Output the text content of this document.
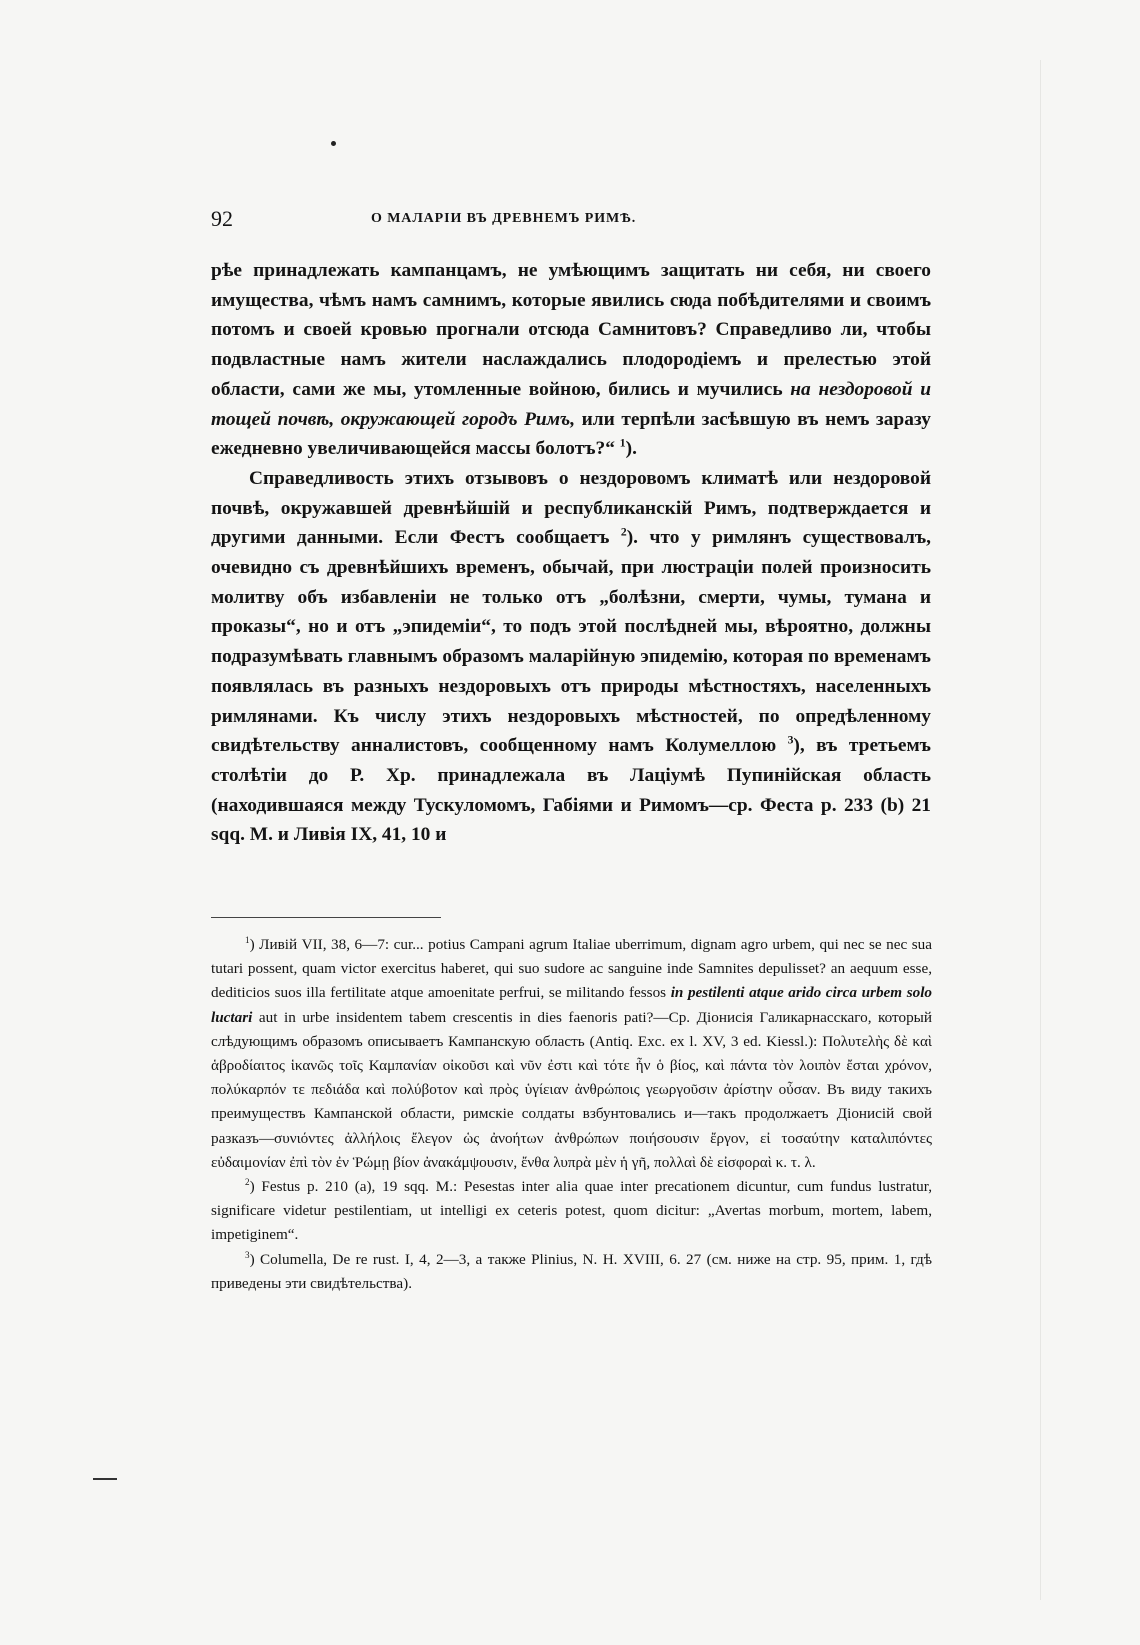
92	О МАЛАРІИ ВЪ ДРЕВНЕМЪ РИМѢ.

рѣе принадлежать кампанцамъ, не умѣющимъ защитать ни себя, ни своего имущества, чѣмъ намъ самнимъ, которые явились сюда побѣдителями и своимъ потомъ и своей кровью прогнали отсюда Самнитовъ? Справедливо ли, чтобы подвластные намъ жители наслаждались плодородіемъ и прелестью этой области, сами же мы, утомленные войною, бились и мучились на нездоровой и тощей почвѣ, окружающей городъ Римъ, или терпѣли засѣвшую въ немъ заразу ежедневно увеличивающейся массы болотъ?“ $^1$).

Справедливость этихъ отзывовъ о нездоровомъ климатѣ или нездоровой почвѣ, окружавшей древнѣйшій и республиканскій Римъ, подтверждается и другими данными. Если Фестъ сообщаетъ $^2$). что у римлянъ существовалъ, очевидно съ древнѣйшихъ временъ, обычай, при люстраціи полей произносить молитву объ избавленіи не только отъ „болѣзни, смерти, чумы, тумана и проказы“, но и отъ „эпидеміи“, то подъ этой послѣдней мы, вѣроятно, должны подразумѣвать главнымъ образомъ маларійную эпидемію, которая по временамъ появлялась въ разныхъ нездоровыхъ отъ природы мѣстностяхъ, населенныхъ римлянами. Къ числу этихъ нездоровыхъ мѣстностей, по опредѣленному свидѣтельству анналистовъ, сообщенному намъ Колумеллою $^3$), въ третьемъ столѣтіи до Р. Хр. принадлежала въ Лаціумѣ Пупинійская область (находившаяся между Тускуломомъ, Габіями и Римомъ—ср. Феста p. 233 (b) 21 sqq. M. и Ливія IX, 41, 10 и

$^1$) Ливій VII, 38, 6—7: cur... potius Campani agrum Italiae uberrimum, dignam agro urbem, qui nec se nec sua tutari possent, quam victor exercitus haberet, qui suo sudore ac sanguine inde Samnites depulisset? an aequum esse, dediticios suos illa fertilitate atque amoenitate perfrui, se militando fessos in pestilenti atque arido circa urbem solo luctari aut in urbe insidentem tabem crescentis in dies faenoris pati?—Ср. Діонисія Галикарнасскаго, который слѣдующимъ образомъ описываетъ Кампанскую область (Antiq. Exc. ex l. XV, 3 ed. Kiessl.): Πολυτελὴς δὲ καὶ ἁβροδίαιτος ἱκανῶς τοῖς Καμπανίαν οἰκοῦσι καὶ νῦν ἐστι καὶ τότε ἦν ὁ βίος, καὶ πάντα τὸν λοιπὸν ἔσται χρόνον, πολύκαρπόν τε πεδιάδα καὶ πολύβοτον καὶ πρὸς ὑγίειαν ἀνθρώποις γεωργοῦσιν ἀρίστην οὖσαν. Въ виду такихъ преимуществъ Кампанской области, римскіе солдаты взбунтовались и—такъ продолжаетъ Діонисій свой разказъ—συνιόντες ἀλλήλοις ἔλεγον ὡς ἀνοήτων ἀνθρώπων ποιήσουσιν ἔργον, εἰ τοσαύτην καταλιπόντες εὐδαιμονίαν ἐπὶ τὸν ἐν Ῥώμῃ βίον ἀνακάμψουσιν, ἔνθα λυπρὰ μὲν ἡ γῆ, πολλαὶ δὲ εἰσφοραὶ κ. τ. λ.

$^2$) Festus p. 210 (a), 19 sqq. M.: Pesestas inter alia quae inter precationem dicuntur, cum fundus lustratur, significare videtur pestilentiam, ut intelligi ex ceteris potest, quom dicitur: „Avertas morbum, mortem, labem, impetiginem“.

$^3$) Columella, De re rust. I, 4, 2—3, а также Plinius, N. H. XVIII, 6. 27 (см. ниже на стр. 95, прим. 1, гдѣ приведены эти свидѣтельства).
